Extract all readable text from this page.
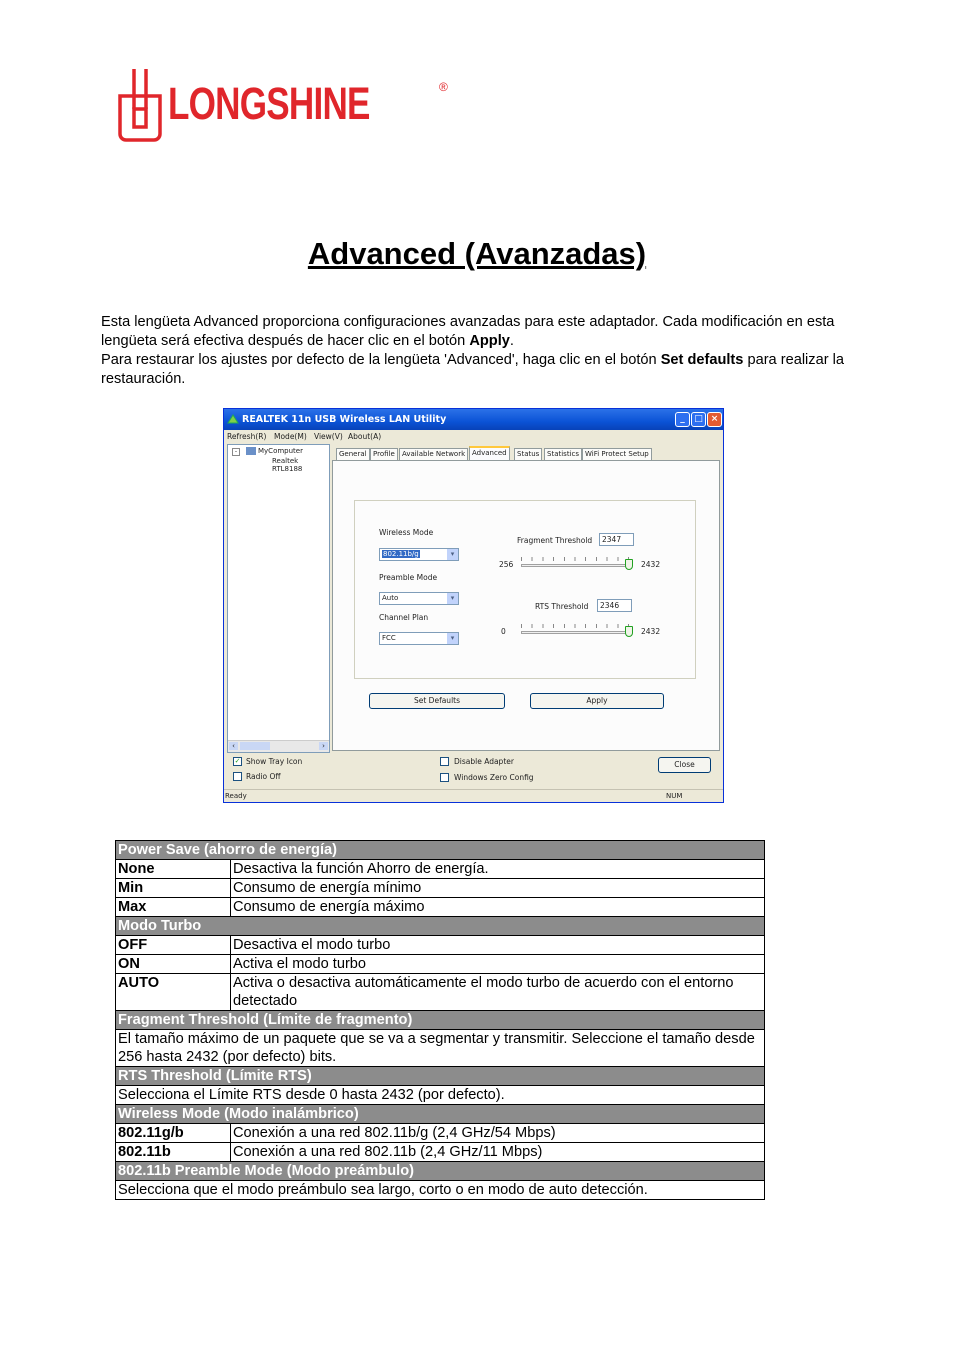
LONGSHINE	®
Advanced (Avanzadas)
Esta lengüeta Advanced proporciona configuraciones avanzadas para este adaptador. Cada modificación en esta lengüeta será efectiva después de hacer clic en el botón Apply.
Para restaurar los ajustes por defecto de la lengüeta 'Advanced', haga clic en el botón Set defaults para realizar la restauración.
REALTEK 11n USB Wireless LAN Utility	_	□ ×
Refresh(R) Mode(M) View(V) About(A)
-	MyComputer
Realtek RTL8188
‹	›
General Profile	Available Network Advanced	Status	Statistics WiFi Protect Setup
Wireless Mode
802.11b/g	▾
Preamble Mode
Auto	▾
Channel Plan
FCC	▾
Fragment Threshold	2347
256	2432
RTS Threshold	2346
0	2432
Set Defaults	Apply
✓ Show Tray Icon
Radio Off
Disable Adapter
Windows Zero Config
Close
Ready	NUM
Power Save (ahorro de energía)	
None	Desactiva la función Ahorro de energía.
Min	Consumo de energía mínimo
Max	Consumo de energía máximo
Modo Turbo	
OFF	Desactiva el modo turbo
ON	Activa el modo turbo
AUTO	Activa o desactiva automáticamente el modo turbo de acuerdo con el entorno detectado
Fragment Threshold (Límite de fragmento)	
El tamaño máximo de un paquete que se va a segmentar y transmitir. Seleccione el tamaño desde 256 hasta 2432 (por defecto) bits.	
RTS Threshold (Límite RTS)	
Selecciona el Límite RTS desde 0 hasta 2432 (por defecto).	
Wireless Mode (Modo inalámbrico)	
802.11g/b	Conexión a una red 802.11b/g (2,4 GHz/54 Mbps)
802.11b	Conexión a una red 802.11b (2,4 GHz/11 Mbps)
802.11b Preamble Mode (Modo preámbulo)	
Selecciona que el modo preámbulo sea largo, corto o en modo de auto detección.	
